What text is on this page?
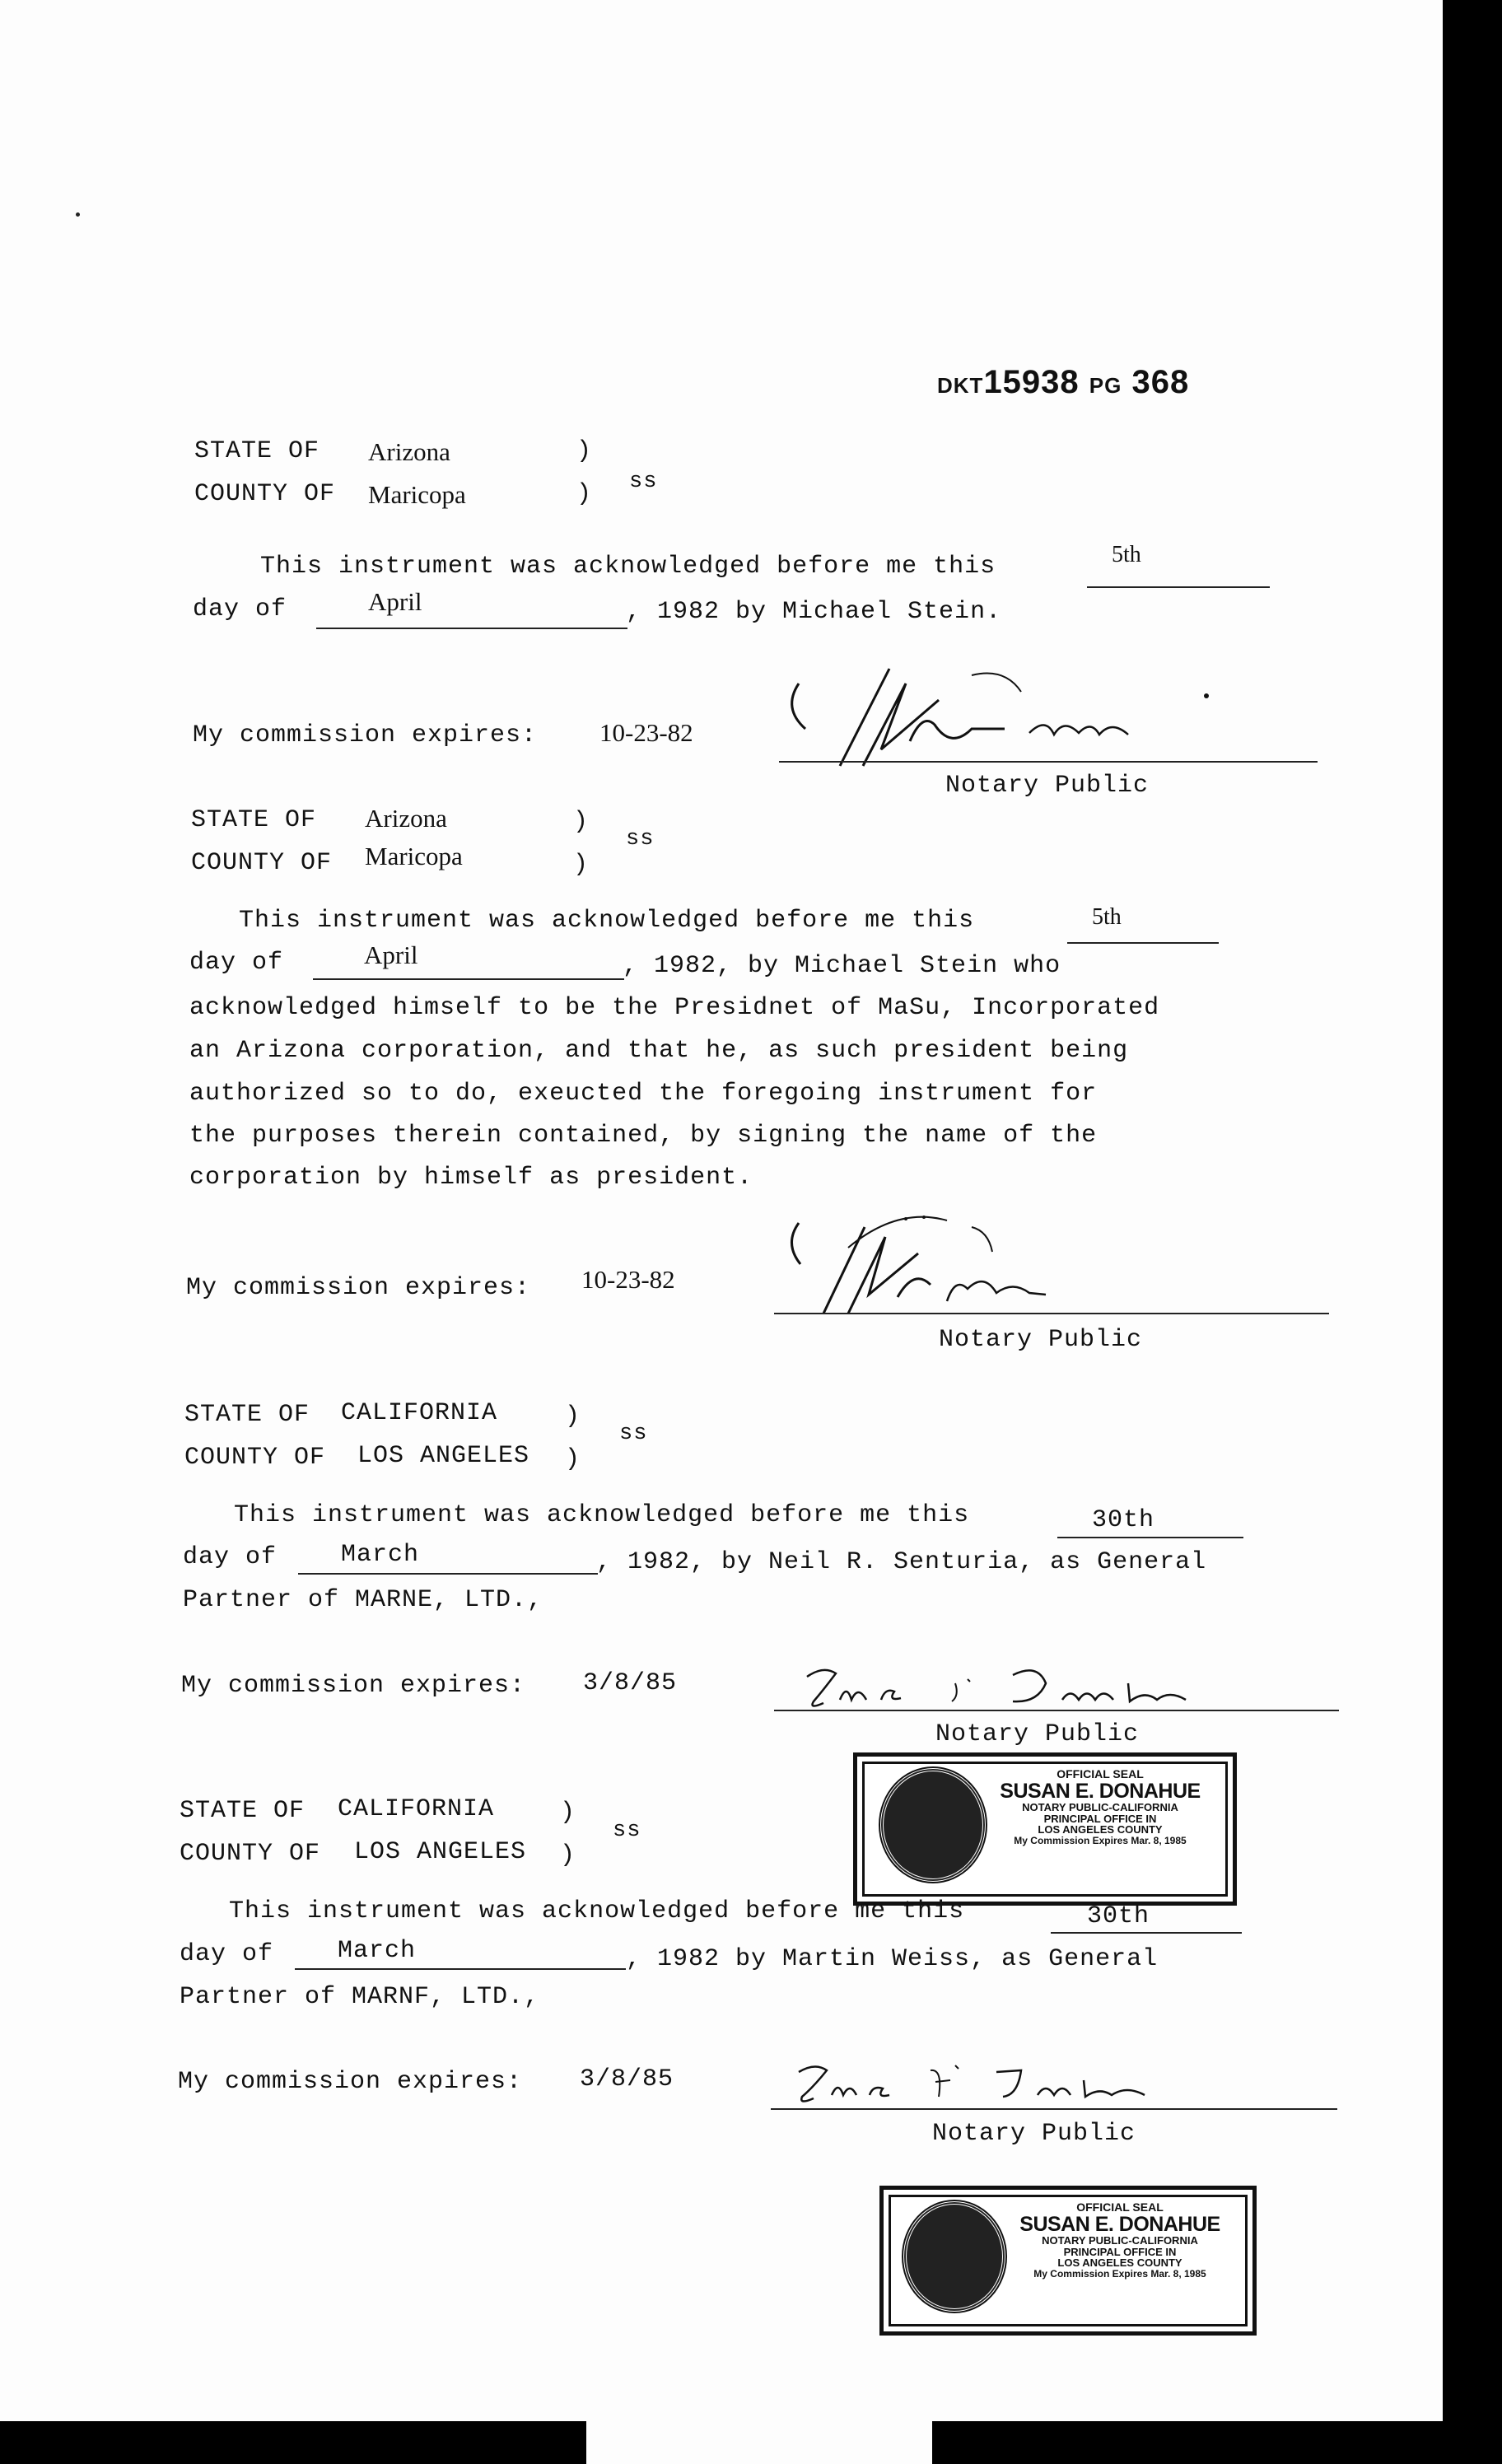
DKT15938 PG 368
STATE OF Arizona	)
COUNTY OF Maricopa	) ss
This instrument was acknowledged before me this	5th
day of	April	, 1982 by Michael Stein.
My commission expires: 10-23-82
Notary Public
STATE OF Arizona	)
COUNTY OF Maricopa	)
ss
This instrument was acknowledged before me this	5th
day of	April	, 1982, by Michael Stein who
acknowledged himself to be the Presidnet of MaSu, Incorporated
an Arizona corporation, and that he, as such president being
authorized so to do, exeucted the foregoing instrument for
the purposes therein contained, by signing the name of the
corporation by himself as president.
My commission expires: 10-23-82
Notary Public
STATE OF CALIFORNIA	)
COUNTY OF LOS ANGELES )
ss
This instrument was acknowledged before me this	30th
day of	March	, 1982, by Neil R. Senturia, as General
Partner of MARNE, LTD.,
My commission expires: 3/8/85
Notary Public
OFFICIAL SEAL
SUSAN E. DONAHUE
NOTARY PUBLIC-CALIFORNIA
PRINCIPAL OFFICE IN
LOS ANGELES COUNTY
My Commission Expires Mar. 8, 1985
STATE OF CALIFORNIA	)
COUNTY OF LOS ANGELES )
ss
This instrument was acknowledged before me this	30th
day of	March	, 1982 by Martin Weiss, as General
Partner of MARNF, LTD.,
My commission expires: 3/8/85
Notary Public
OFFICIAL SEAL
SUSAN E. DONAHUE
NOTARY PUBLIC-CALIFORNIA
PRINCIPAL OFFICE IN
LOS ANGELES COUNTY
My Commission Expires Mar. 8, 1985
